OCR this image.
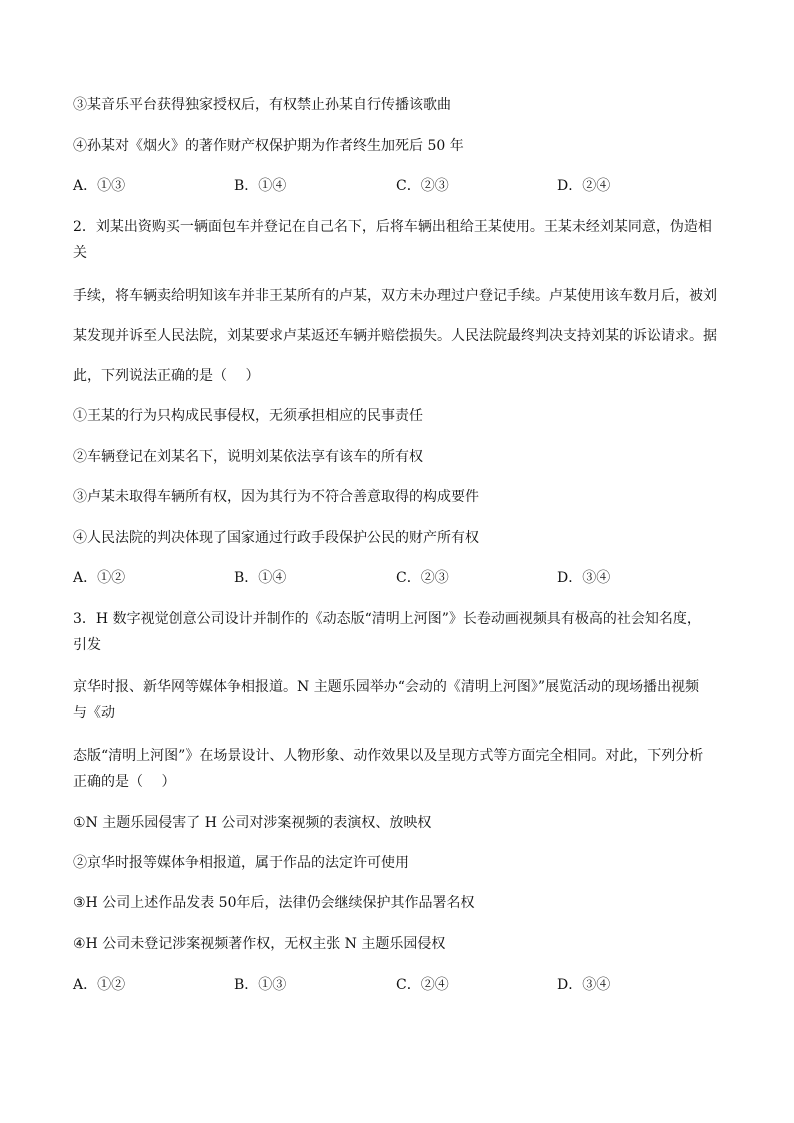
③某音乐平台获得独家授权后，有权禁止孙某自行传播该歌曲
④孙某对《烟火》的著作财产权保护期为作者终生加死后 50 年
A．①③	B．①④	C．②③	D．②④
2．刘某出资购买一辆面包车并登记在自己名下，后将车辆出租给王某使用。王某未经刘某同意，伪造相
关
手续，将车辆卖给明知该车并非王某所有的卢某，双方未办理过户登记手续。卢某使用该车数月后，被刘
某发现并诉至人民法院，刘某要求卢某返还车辆并赔偿损失。人民法院最终判决支持刘某的诉讼请求。据
此，下列说法正确的是（　 ）
①王某的行为只构成民事侵权，无须承担相应的民事责任
②车辆登记在刘某名下，说明刘某依法享有该车的所有权
③卢某未取得车辆所有权，因为其行为不符合善意取得的构成要件
④人民法院的判决体现了国家通过行政手段保护公民的财产所有权
A．①②	B．①④	C．②③	D．③④
3．H 数字视觉创意公司设计并制作的《动态版“清明上河图”》长卷动画视频具有极高的社会知名度，
引发
京华时报、新华网等媒体争相报道。N 主题乐园举办“会动的《清明上河图》”展览活动的现场播出视频
与《动
态版“清明上河图”》在场景设计、人物形象、动作效果以及呈现方式等方面完全相同。对此，下列分析
正确的是（　 ）
①N 主题乐园侵害了 H 公司对涉案视频的表演权、放映权
②京华时报等媒体争相报道，属于作品的法定许可使用
③H 公司上述作品发表 50年后，法律仍会继续保护其作品署名权
④H 公司未登记涉案视频著作权，无权主张 N 主题乐园侵权
A．①②	B．①③	C．②④	D．③④
